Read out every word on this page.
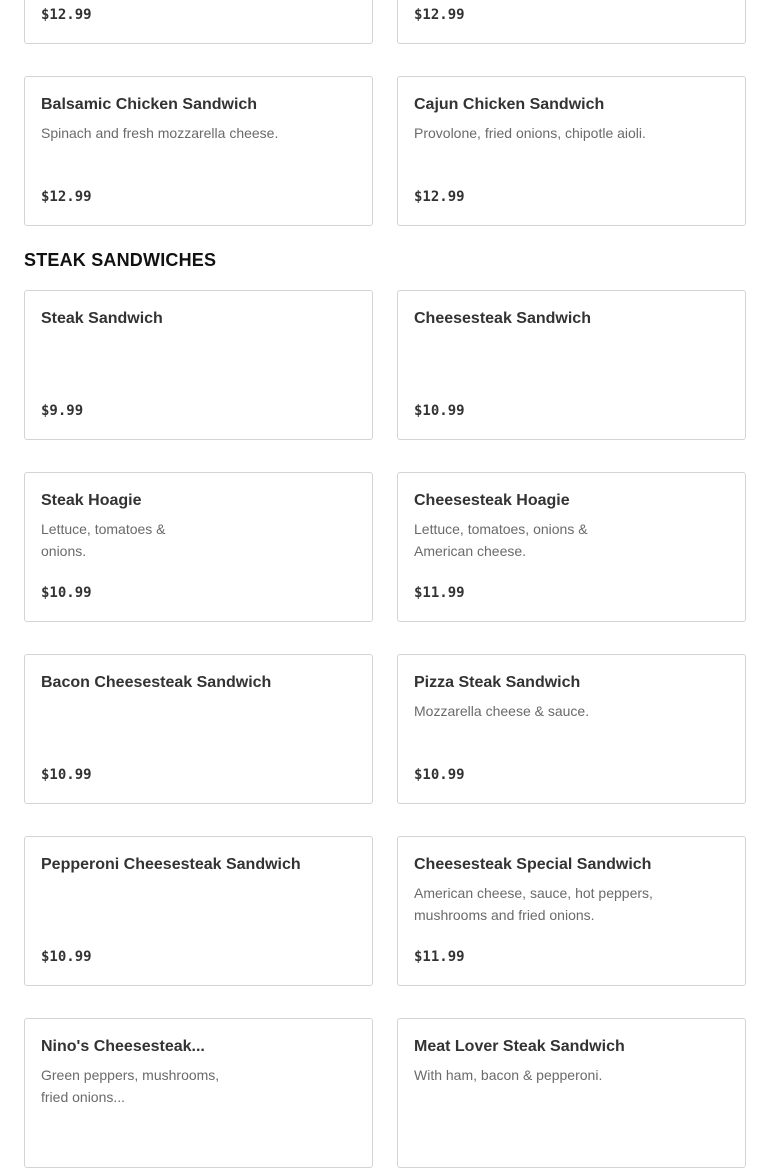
$12.99	$12.99
Balsamic Chicken Sandwich
Spinach and fresh mozzarella cheese.
$12.99
Cajun Chicken Sandwich
Provolone, fried onions, chipotle aioli.
$12.99
STEAK SANDWICHES
Steak Sandwich
$9.99
Cheesesteak Sandwich
$10.99
Steak Hoagie
Lettuce, tomatoes & onions.
$10.99
Cheesesteak Hoagie
Lettuce, tomatoes, onions & American cheese.
$11.99
Bacon Cheesesteak Sandwich
$10.99
Pizza Steak Sandwich
Mozzarella cheese & sauce.
$10.99
Pepperoni Cheesesteak Sandwich
$10.99
Cheesesteak Special Sandwich
American cheese, sauce, hot peppers, mushrooms and fried onions.
$11.99
Nino's Cheesesteak...
Green peppers, mushrooms, fried onions...
Meat Lover Steak Sandwich
With ham, bacon & pepperoni.
